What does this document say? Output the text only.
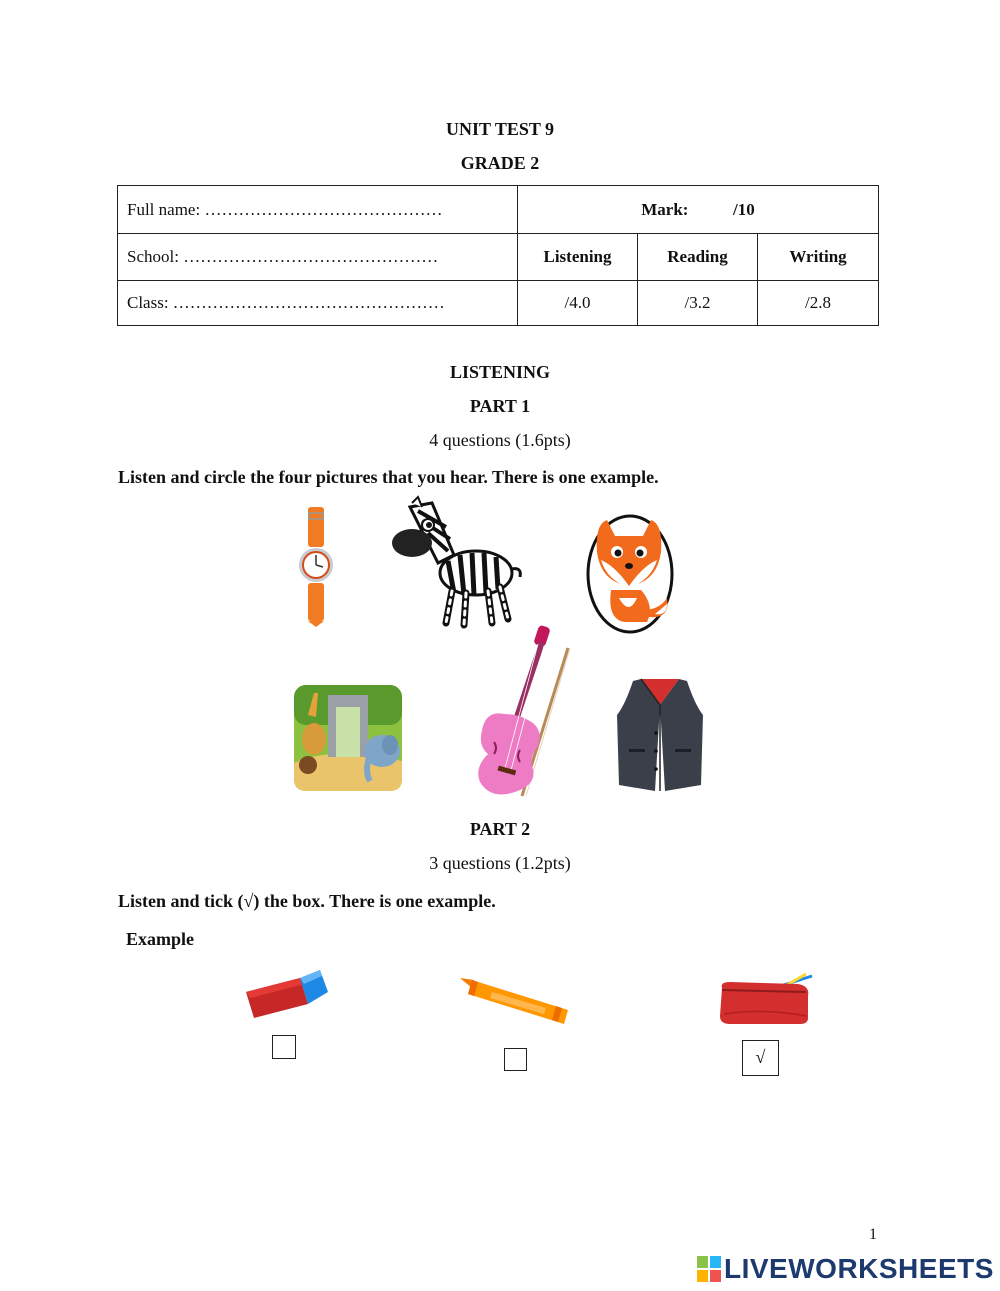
UNIT TEST 9
GRADE 2
Full name: ……………………………………	Mark: /10		
School: ………………………………………	Listening	Reading	Writing
Class: …………………………………………	/4.0	/3.2	/2.8
LISTENING
PART 1
4 questions (1.6pts)
Listen and circle the four pictures that you hear. There is one example.
PART 2
3 questions (1.2pts)
Listen and tick (√) the box. There is one example.
Example
√
1
LIVEWORKSHEETS
